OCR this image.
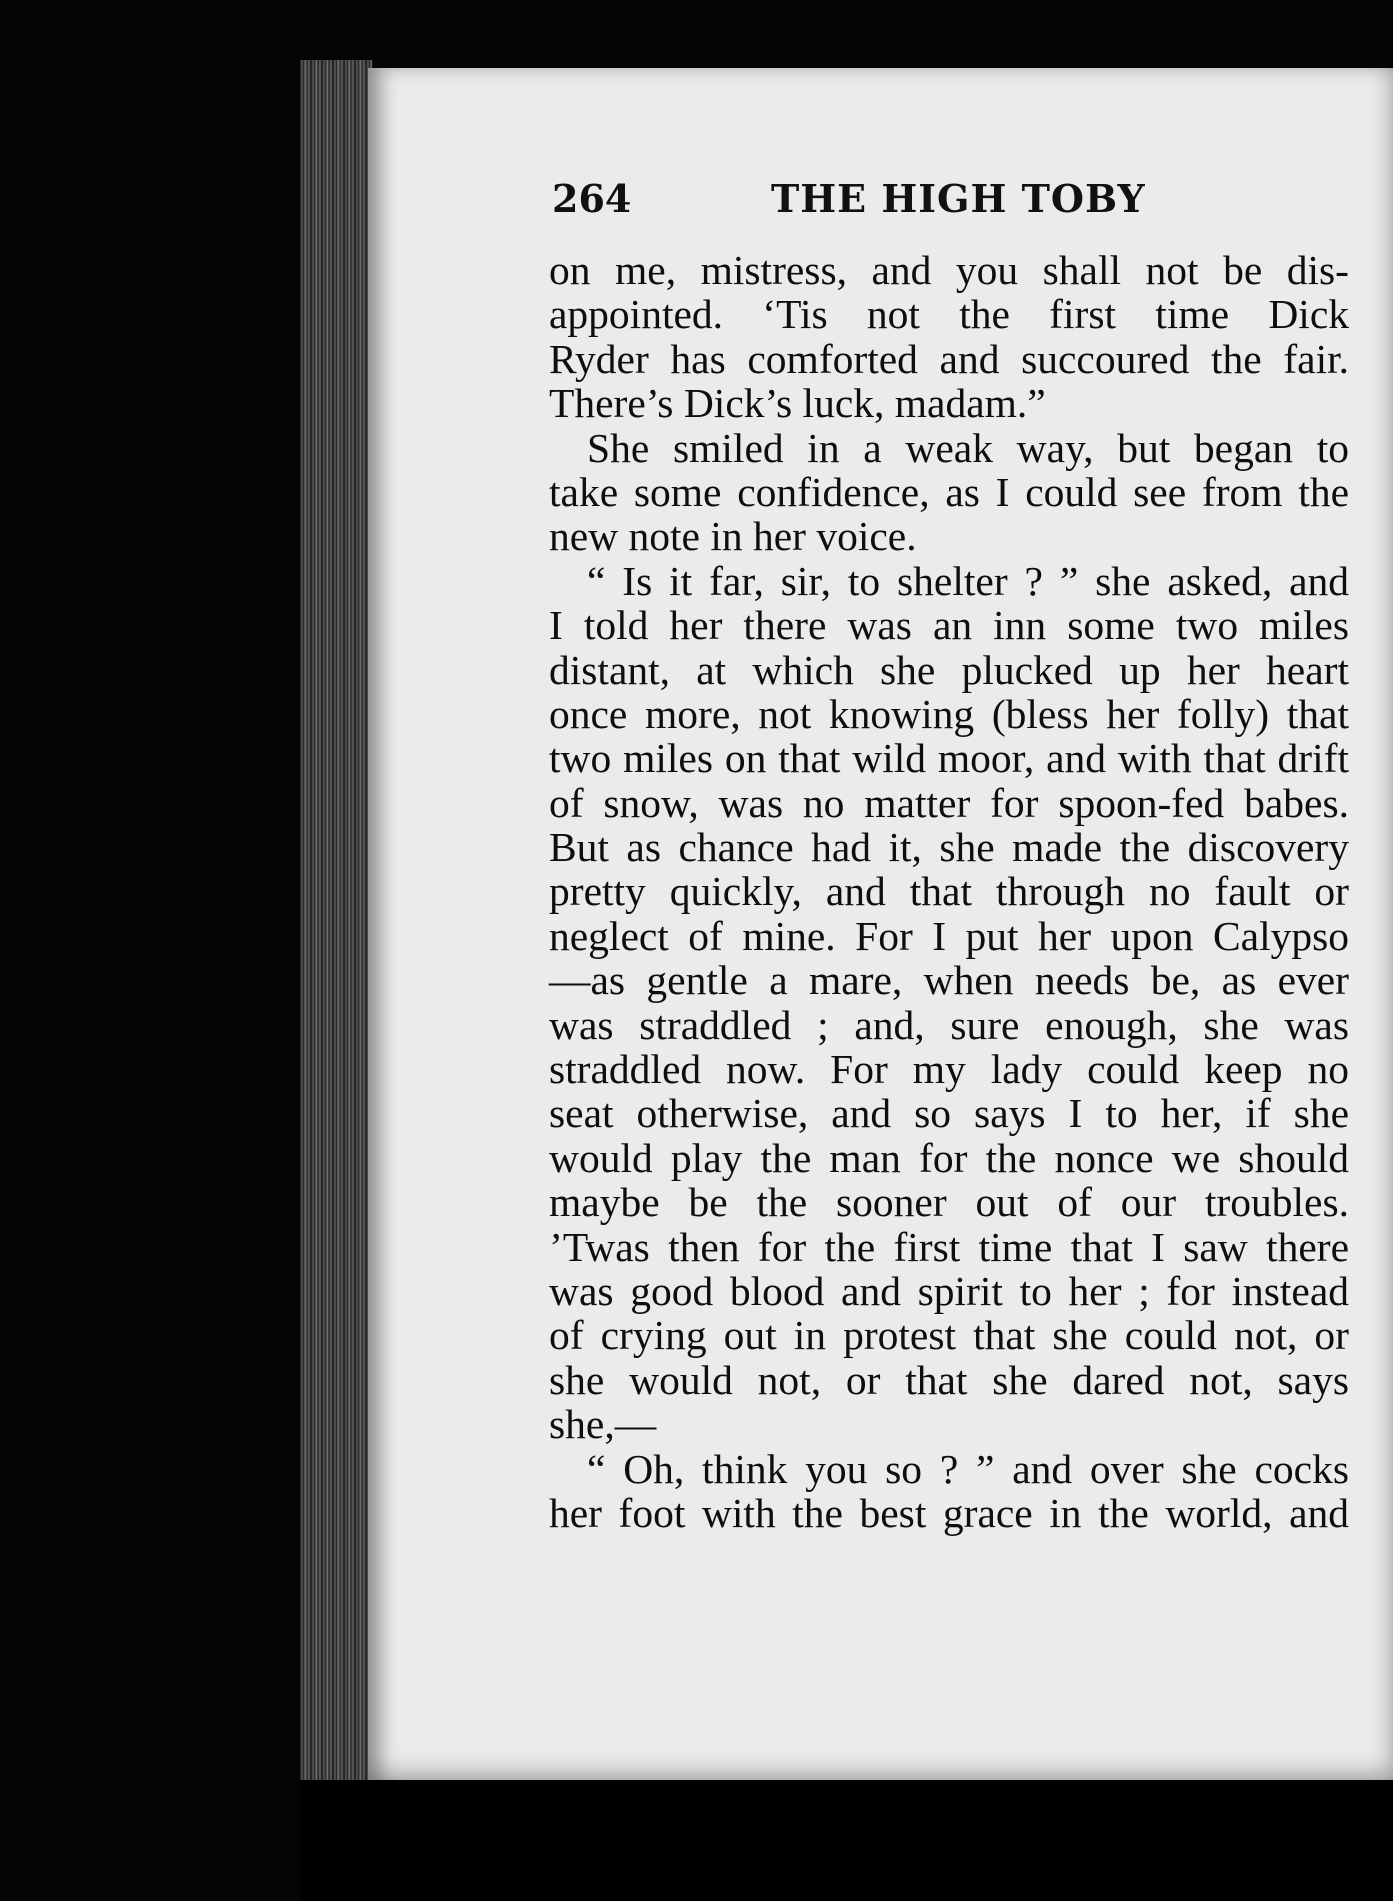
264	THE HIGH TOBY
on me, mistress, and you shall not be dis-
appointed. ‘Tis not the first time Dick
Ryder has comforted and succoured the fair.
There’s Dick’s luck, madam.”
She smiled in a weak way, but began to
take some confidence, as I could see from the
new note in her voice.
“ Is it far, sir, to shelter ? ” she asked, and
I told her there was an inn some two miles
distant, at which she plucked up her heart
once more, not knowing (bless her folly) that
two miles on that wild moor, and with that drift
of snow, was no matter for spoon-fed babes.
But as chance had it, she made the discovery
pretty quickly, and that through no fault or
neglect of mine. For I put her upon Calypso
—as gentle a mare, when needs be, as ever
was straddled ; and, sure enough, she was
straddled now. For my lady could keep no
seat otherwise, and so says I to her, if she
would play the man for the nonce we should
maybe be the sooner out of our troubles.
’Twas then for the first time that I saw there
was good blood and spirit to her ; for instead
of crying out in protest that she could not, or
she would not, or that she dared not, says
she,—
“ Oh, think you so ? ” and over she cocks
her foot with the best grace in the world, and
